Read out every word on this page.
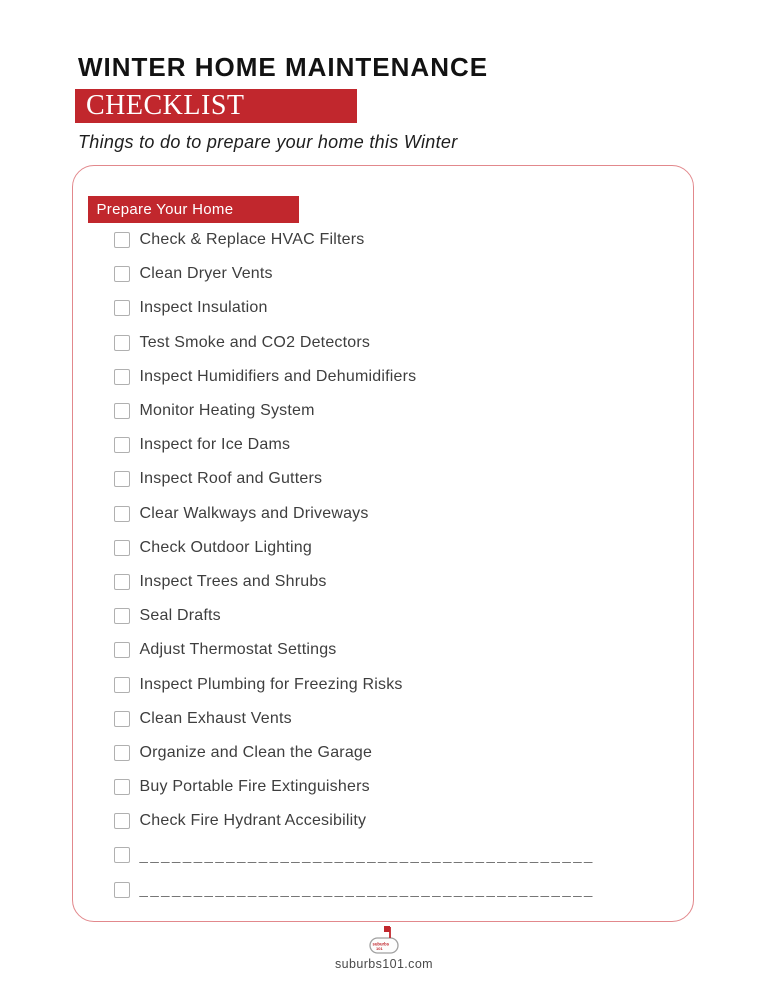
WINTER HOME MAINTENANCE
CHECKLIST
Things to do to prepare your home this Winter
Prepare Your Home
Check & Replace HVAC Filters
Clean Dryer Vents
Inspect Insulation
Test Smoke and CO2 Detectors
Inspect Humidifiers and Dehumidifiers
Monitor Heating System
Inspect for Ice Dams
Inspect Roof and Gutters
Clear Walkways and Driveways
Check Outdoor Lighting
Inspect Trees and Shrubs
Seal Drafts
Adjust Thermostat Settings
Inspect Plumbing for Freezing Risks
Clean Exhaust Vents
Organize and Clean the Garage
Buy Portable Fire Extinguishers
Check Fire Hydrant Accesibility
__________________________________________
__________________________________________
suburbs
101
suburbs101.com
